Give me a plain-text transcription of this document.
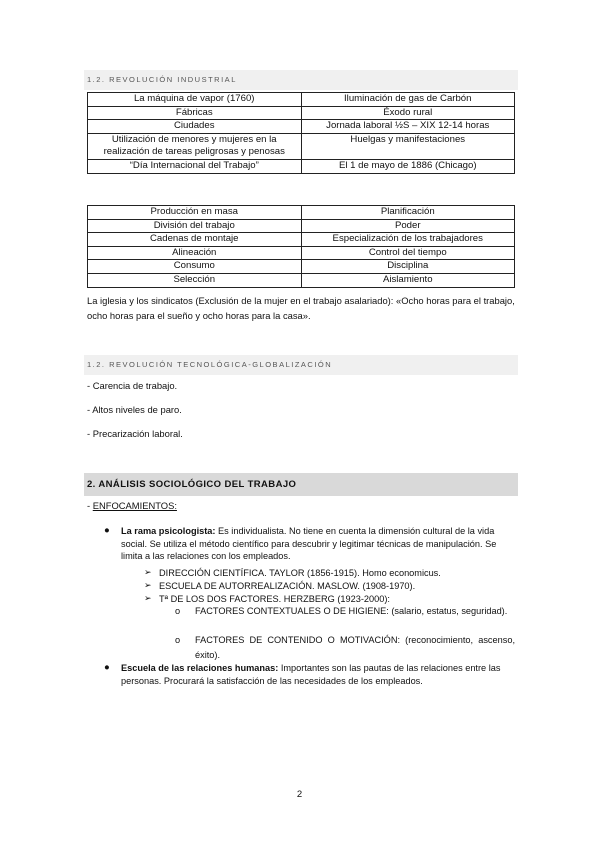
1.2. REVOLUCIÓN INDUSTRIAL
La máquina de vapor (1760)	Iluminación de gas de Carbón
Fábricas	Éxodo rural
Ciudades	Jornada laboral ½S – XIX 12-14 horas
Utilización de menores y mujeres en la realización de tareas peligrosas y penosas	Huelgas y manifestaciones
“Día Internacional del Trabajo”	El 1 de mayo de 1886 (Chicago)
Producción en masa	Planificación
División del trabajo	Poder
Cadenas de montaje	Especialización de los trabajadores
Alineación	Control del tiempo
Consumo	Disciplina
Selección	Aislamiento
La iglesia y los sindicatos (Exclusión de la mujer en el trabajo asalariado): «Ocho horas para el trabajo, ocho horas para el sueño y ocho horas para la casa».
1.2. REVOLUCIÓN TECNOLÓGICA-GLOBALIZACIÓN
- Carencia de trabajo.
- Altos niveles de paro.
- Precarización laboral.
2. ANÁLISIS SOCIOLÓGICO DEL TRABAJO
- ENFOCAMIENTOS:
● La rama psicologista: Es individualista. No tiene en cuenta la dimensión cultural de la vida social. Se utiliza el método científico para descubrir y legitimar técnicas de manipulación. Se limita a las relaciones con los empleados.
➢ DIRECCIÓN CIENTÍFICA. TAYLOR (1856-1915). Homo economicus.
➢ ESCUELA DE AUTORREALIZACIÓN. MASLOW. (1908-1970).
➢ Tª DE LOS DOS FACTORES. HERZBERG (1923-2000):
o FACTORES CONTEXTUALES O DE HIGIENE: (salario, estatus, seguridad).
o FACTORES DE CONTENIDO O MOTIVACIÓN: (reconocimiento, ascenso, éxito).
● Escuela de las relaciones humanas: Importantes son las pautas de las relaciones entre las personas. Procurará la satisfacción de las necesidades de los empleados.
2
